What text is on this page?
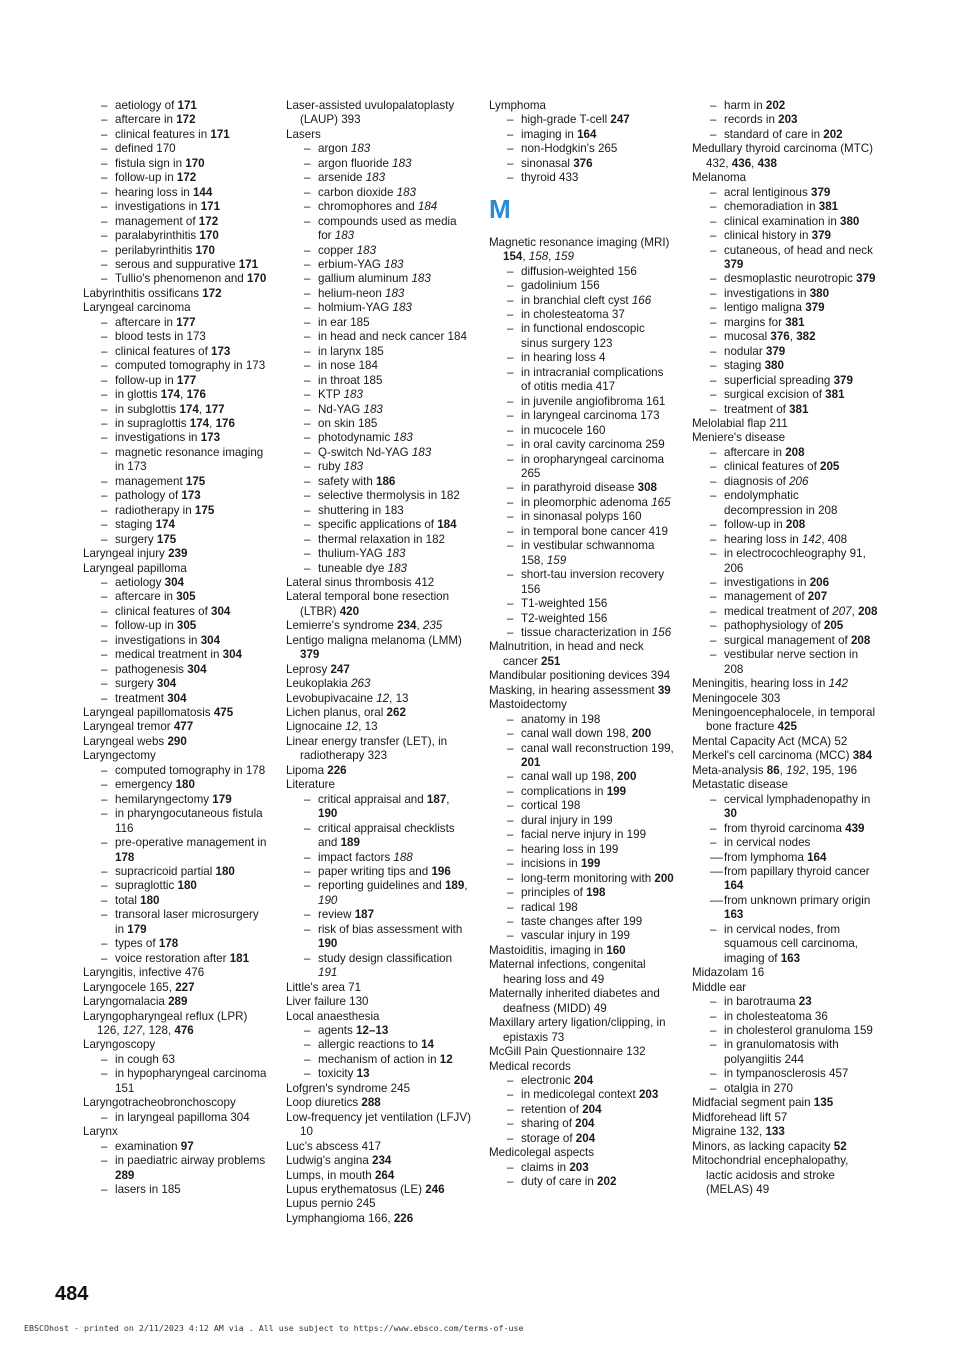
– aetiology of 171
– aftercare in 172
– clinical features in 171
– defined 170
– fistula sign in 170
– follow-up in 172
– hearing loss in 144
– investigations in 171
– management of 172
– paralabyrinthitis 170
– perilabyrinthitis 170
– serous and suppurative 171
– Tullio's phenomenon and 170
Labyrinthitis ossificans 172
Laryngeal carcinoma
– aftercare in 177
– blood tests in 173
– clinical features of 173
– computed tomography in 173
– follow-up in 177
– in glottis 174, 176
– in subglottis 174, 177
– in supraglottis 174, 176
– investigations in 173
– magnetic resonance imaging in 173
– management 175
– pathology of 173
– radiotherapy in 175
– staging 174
– surgery 175
Laryngeal injury 239
Laryngeal papilloma
– aetiology 304
– aftercare in 305
– clinical features of 304
– follow-up in 305
– investigations in 304
– medical treatment in 304
– pathogenesis 304
– surgery 304
– treatment 304
Laryngeal papillomatosis 475
Laryngeal tremor 477
Laryngeal webs 290
Laryngectomy
– computed tomography in 178
– emergency 180
– hemilaryngectomy 179
– in pharyngocutaneous fistula 116
– pre-operative management in 178
– supracricoid partial 180
– supraglottic 180
– total 180
– transoral laser microsurgery in 179
– types of 178
– voice restoration after 181
Laryngitis, infective 476
Laryngocele 165, 227
Laryngomalacia 289
Laryngopharyngeal reflux (LPR) 126, 127, 128, 476
Laryngoscopy
– in cough 63
– in hypopharyngeal carcinoma 151
Laryngotracheobronchoscopy
– in laryngeal papilloma 304
Larynx
– examination 97
– in paediatric airway problems 289
– lasers in 185
Laser-assisted uvulopalatoplasty (LAUP) 393
Lasers
– argon 183
– argon fluoride 183
– arsenide 183
– carbon dioxide 183
– chromophores and 184
– compounds used as media for 183
– copper 183
– erbium-YAG 183
– gallium aluminum 183
– helium-neon 183
– holmium-YAG 183
– in ear 185
– in head and neck cancer 184
– in larynx 185
– in nose 184
– in throat 185
– KTP 183
– Nd-YAG 183
– on skin 185
– photodynamic 183
– Q-switch Nd-YAG 183
– ruby 183
– safety with 186
– selective thermolysis in 182
– shuttering in 183
– specific applications of 184
– thermal relaxation in 182
– thulium-YAG 183
– tuneable dye 183
Lateral sinus thrombosis 412
Lateral temporal bone resection (LTBR) 420
Lemierre's syndrome 234, 235
Lentigo maligna melanoma (LMM) 379
Leprosy 247
Leukoplakia 263
Levobupivacaine 12, 13
Lichen planus, oral 262
Lignocaine 12, 13
Linear energy transfer (LET), in radiotherapy 323
Lipoma 226
Literature
– critical appraisal and 187, 190
– critical appraisal checklists and 189
– impact factors 188
– paper writing tips and 196
– reporting guidelines and 189, 190
– review 187
– risk of bias assessment with 190
– study design classification 191
Little's area 71
Liver failure 130
Local anaesthesia
– agents 12–13
– allergic reactions to 14
– mechanism of action in 12
– toxicity 13
Lofgren's syndrome 245
Loop diuretics 288
Low-frequency jet ventilation (LFJV) 10
Luc's abscess 417
Ludwig's angina 234
Lumps, in mouth 264
Lupus erythematosus (LE) 246
Lupus pernio 245
Lymphangioma 166, 226
Lymphoma
– high-grade T-cell 247
– imaging in 164
– non-Hodgkin's 265
– sinonasal 376
– thyroid 433
M
Magnetic resonance imaging (MRI) 154, 158, 159
– diffusion-weighted 156
– gadolinium 156
– in branchial cleft cyst 166
– in cholesteatoma 37
– in functional endoscopic sinus surgery 123
– in hearing loss 4
– in intracranial complications of otitis media 417
– in juvenile angiofibroma 161
– in laryngeal carcinoma 173
– in mucocele 160
– in oral cavity carcinoma 259
– in oropharyngeal carcinoma 265
– in parathyroid disease 308
– in pleomorphic adenoma 165
– in sinonasal polyps 160
– in temporal bone cancer 419
– in vestibular schwannoma 158, 159
– short-tau inversion recovery 156
– T1-weighted 156
– T2-weighted 156
– tissue characterization in 156
Malnutrition, in head and neck cancer 251
Mandibular positioning devices 394
Masking, in hearing assessment 39
Mastoidectomy
– anatomy in 198
– canal wall down 198, 200
– canal wall reconstruction 199, 201
– canal wall up 198, 200
– complications in 199
– cortical 198
– dural injury in 199
– facial nerve injury in 199
– hearing loss in 199
– incisions in 199
– long-term monitoring with 200
– principles of 198
– radical 198
– taste changes after 199
– vascular injury in 199
Mastoiditis, imaging in 160
Maternal infections, congenital hearing loss and 49
Maternally inherited diabetes and deafness (MIDD) 49
Maxillary artery ligation/clipping, in epistaxis 73
McGill Pain Questionnaire 132
Medical records
– electronic 204
– in medicolegal context 203
– retention of 204
– sharing of 204
– storage of 204
Medicolegal aspects
– claims in 203
– duty of care in 202
– harm in 202
– records in 203
– standard of care in 202
Medullary thyroid carcinoma (MTC) 432, 436, 438
Melanoma
– acral lentiginous 379
– chemoradiation in 381
– clinical examination in 380
– clinical history in 379
– cutaneous, of head and neck 379
– desmoplastic neurotropic 379
– investigations in 380
– lentigo maligna 379
– margins for 381
– mucosal 376, 382
– nodular 379
– staging 380
– superficial spreading 379
– surgical excision of 381
– treatment of 381
Melolabial flap 211
Meniere's disease
– aftercare in 208
– clinical features of 205
– diagnosis of 206
– endolymphatic decompression in 208
– follow-up in 208
– hearing loss in 142, 408
– in electrocochleography 91, 206
– investigations in 206
– management of 207
– medical treatment of 207, 208
– pathophysiology of 205
– surgical management of 208
– vestibular nerve section in 208
Meningitis, hearing loss in 142
Meningocele 303
Meningoencephalocele, in temporal bone fracture 425
Mental Capacity Act (MCA) 52
Merkel's cell carcinoma (MCC) 384
Meta-analysis 86, 192, 195, 196
Metastatic disease
– cervical lymphadenopathy in 30
– from thyroid carcinoma 439
– in cervical nodes
––from lymphoma 164
––from papillary thyroid cancer 164
––from unknown primary origin 163
– in cervical nodes, from squamous cell carcinoma, imaging of 163
Midazolam 16
Middle ear
– in barotrauma 23
– in cholesteatoma 36
– in cholesterol granuloma 159
– in granulomatosis with polyangiitis 244
– in tympanosclerosis 457
– otalgia in 270
Midfacial segment pain 135
Midforehead lift 57
Migraine 132, 133
Minors, as lacking capacity 52
Mitochondrial encephalopathy, lactic acidosis and stroke (MELAS) 49
484
EBSCOhost - printed on 2/11/2023 4:12 AM via . All use subject to https://www.ebsco.com/terms-of-use
